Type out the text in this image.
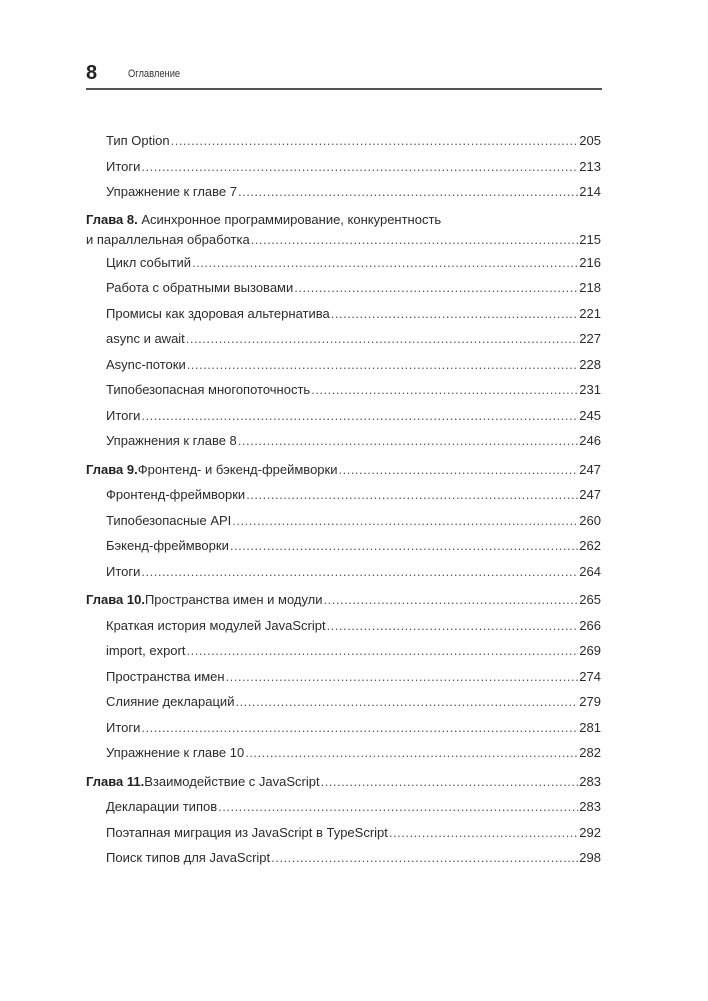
8	Оглавление
Тип Option .....	205
Итоги .....	213
Упражнение к главе 7 .....	214
Глава 8. Асинхронное программирование, конкурентность
и параллельная обработка .....	215
Цикл событий .....	216
Работа с обратными вызовами .....	218
Промисы как здоровая альтернатива .....	221
async и await .....	227
Async-потоки .....	228
Типобезопасная многопоточность .....	231
Итоги .....	245
Упражнения к главе 8 .....	246
Глава 9. Фронтенд- и бэкенд-фреймворки .....	247
Фронтенд-фреймворки .....	247
Типобезопасные API .....	260
Бэкенд-фреймворки .....	262
Итоги .....	264
Глава 10. Пространства имен и модули .....	265
Краткая история модулей JavaScript .....	266
import, export .....	269
Пространства имен .....	274
Слияние деклараций .....	279
Итоги .....	281
Упражнение к главе 10 .....	282
Глава 11. Взаимодействие с JavaScript .....	283
Декларации типов .....	283
Поэтапная миграция из JavaScript в TypeScript .....	292
Поиск типов для JavaScript .....	298
